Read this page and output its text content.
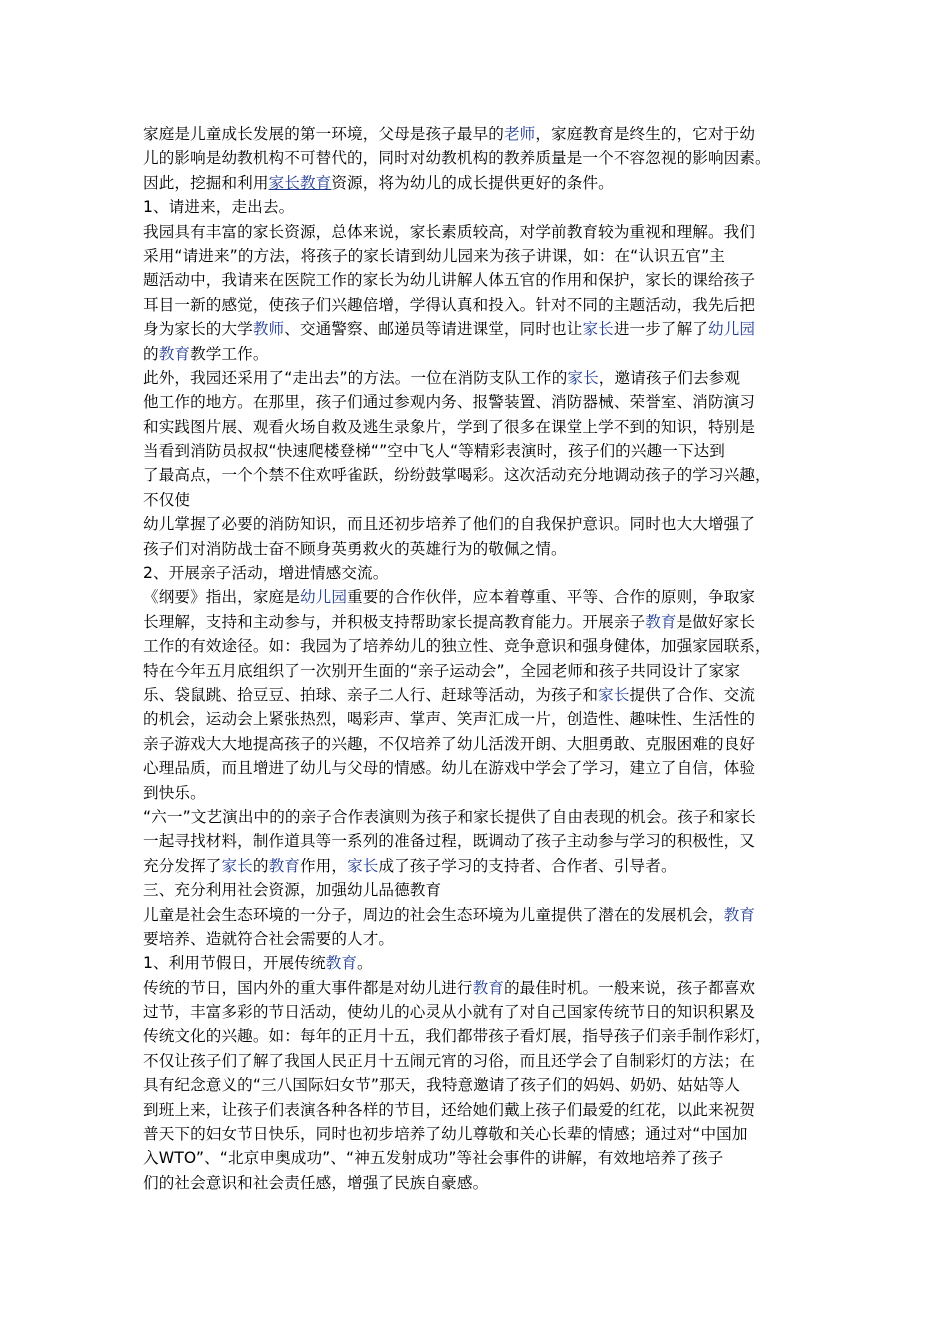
家庭是儿童成长发展的第一环境，父母是孩子最早的老师，家庭教育是终生的，它对于幼
儿的影响是幼教机构不可替代的，同时对幼教机构的教养质量是一个不容忽视的影响因素。
因此，挖掘和利用家长教育资源，将为幼儿的成长提供更好的条件。
1、请进来，走出去。
我园具有丰富的家长资源，总体来说，家长素质较高，对学前教育较为重视和理解。我们
采用“请进来”的方法，将孩子的家长请到幼儿园来为孩子讲课，如：在“认识五官”主
题活动中，我请来在医院工作的家长为幼儿讲解人体五官的作用和保护，家长的课给孩子
耳目一新的感觉，使孩子们兴趣倍增，学得认真和投入。针对不同的主题活动，我先后把
身为家长的大学教师、交通警察、邮递员等请进课堂，同时也让家长进一步了解了幼儿园
的教育教学工作。
此外，我园还采用了“走出去”的方法。一位在消防支队工作的家长，邀请孩子们去参观
他工作的地方。在那里，孩子们通过参观内务、报警装置、消防器械、荣誉室、消防演习
和实践图片展、观看火场自救及逃生录象片，学到了很多在课堂上学不到的知识，特别是
当看到消防员叔叔“快速爬楼登梯“”空中飞人“等精彩表演时，孩子们的兴趣一下达到
了最高点，一个个禁不住欢呼雀跃，纷纷鼓掌喝彩。这次活动充分地调动孩子的学习兴趣，
不仅使
幼儿掌握了必要的消防知识，而且还初步培养了他们的自我保护意识。同时也大大增强了
孩子们对消防战士奋不顾身英勇救火的英雄行为的敬佩之情。
2、开展亲子活动，增进情感交流。
《纲要》指出，家庭是幼儿园重要的合作伙伴，应本着尊重、平等、合作的原则，争取家
长理解，支持和主动参与，并积极支持帮助家长提高教育能力。开展亲子教育是做好家长
工作的有效途径。如：我园为了培养幼儿的独立性、竞争意识和强身健体，加强家园联系，
特在今年五月底组织了一次别开生面的“亲子运动会”，全园老师和孩子共同设计了家家
乐、袋鼠跳、拾豆豆、拍球、亲子二人行、赶球等活动，为孩子和家长提供了合作、交流
的机会，运动会上紧张热烈，喝彩声、掌声、笑声汇成一片，创造性、趣味性、生活性的
亲子游戏大大地提高孩子的兴趣，不仅培养了幼儿活泼开朗、大胆勇敢、克服困难的良好
心理品质，而且增进了幼儿与父母的情感。幼儿在游戏中学会了学习，建立了自信，体验
到快乐。
“六一”文艺演出中的的亲子合作表演则为孩子和家长提供了自由表现的机会。孩子和家长
一起寻找材料，制作道具等一系列的准备过程，既调动了孩子主动参与学习的积极性，又
充分发挥了家长的教育作用，家长成了孩子学习的支持者、合作者、引导者。
三、充分利用社会资源，加强幼儿品德教育
儿童是社会生态环境的一分子，周边的社会生态环境为儿童提供了潜在的发展机会，教育
要培养、造就符合社会需要的人才。
1、利用节假日，开展传统教育。
传统的节日，国内外的重大事件都是对幼儿进行教育的最佳时机。一般来说，孩子都喜欢
过节，丰富多彩的节日活动，使幼儿的心灵从小就有了对自己国家传统节日的知识积累及
传统文化的兴趣。如：每年的正月十五，我们都带孩子看灯展，指导孩子们亲手制作彩灯，
不仅让孩子们了解了我国人民正月十五闹元宵的习俗，而且还学会了自制彩灯的方法；在
具有纪念意义的“三八国际妇女节”那天，我特意邀请了孩子们的妈妈、奶奶、姑姑等人
到班上来，让孩子们表演各种各样的节目，还给她们戴上孩子们最爱的红花，以此来祝贺
普天下的妇女节日快乐，同时也初步培养了幼儿尊敬和关心长辈的情感；通过对“中国加
入WTO”、“北京申奥成功”、“神五发射成功”等社会事件的讲解，有效地培养了孩子
们的社会意识和社会责任感，增强了民族自豪感。
